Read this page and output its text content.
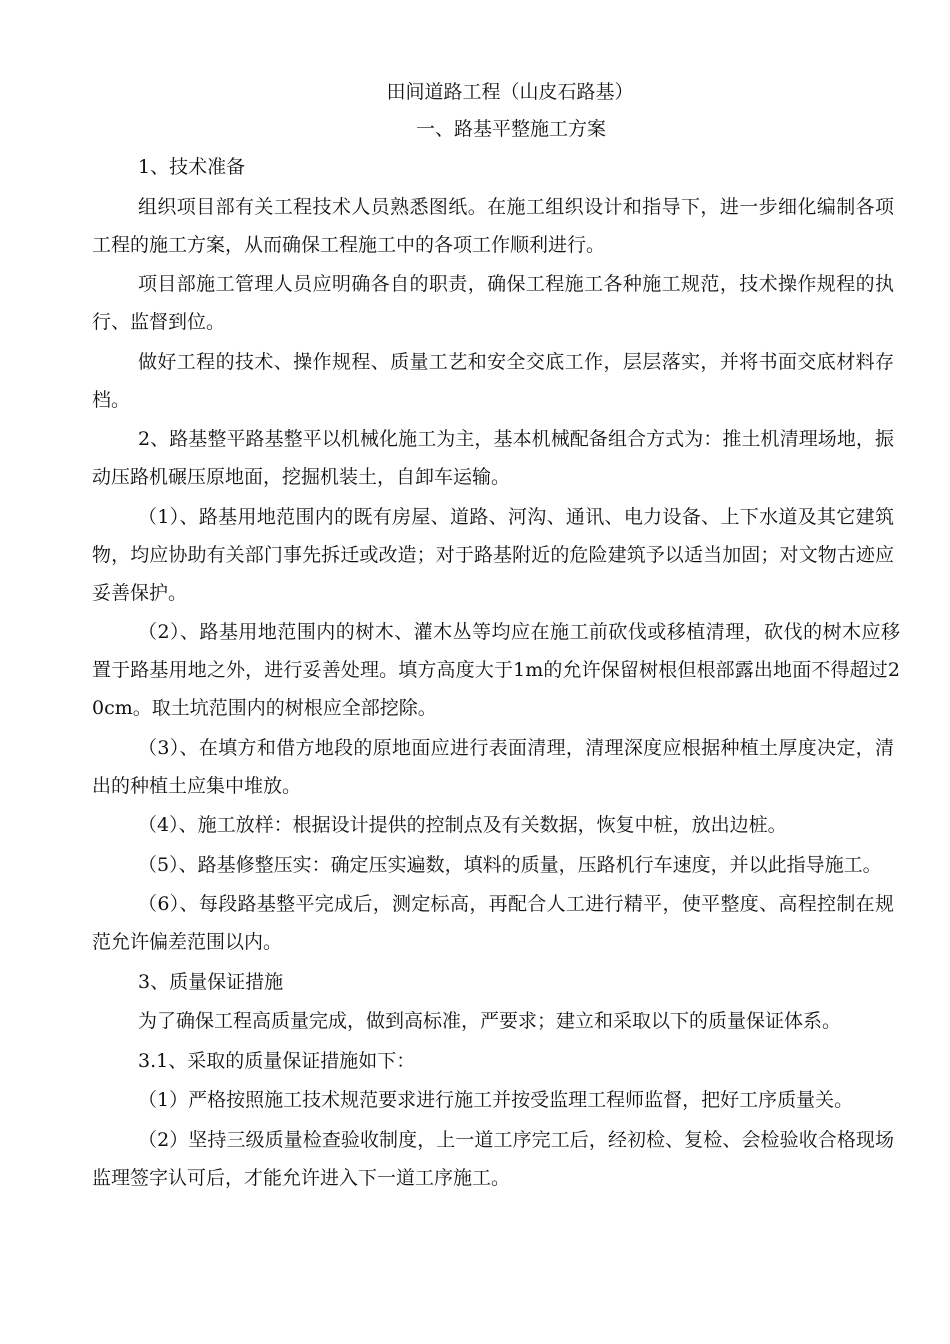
田间道路工程（山皮石路基）

一、路基平整施工方案

1、技术准备

组织项目部有关工程技术人员熟悉图纸。在施工组织设计和指导下，进一步细化编制各项工程的施工方案，从而确保工程施工中的各项工作顺利进行。

项目部施工管理人员应明确各自的职责，确保工程施工各种施工规范，技术操作规程的执行、监督到位。

做好工程的技术、操作规程、质量工艺和安全交底工作，层层落实，并将书面交底材料存档。

2、路基整平路基整平以机械化施工为主，基本机械配备组合方式为：推土机清理场地，振动压路机碾压原地面，挖掘机装土，自卸车运输。

（1）、路基用地范围内的既有房屋、道路、河沟、通讯、电力设备、上下水道及其它建筑物，均应协助有关部门事先拆迁或改造；对于路基附近的危险建筑予以适当加固；对文物古迹应妥善保护。

（2）、路基用地范围内的树木、灌木丛等均应在施工前砍伐或移植清理，砍伐的树木应移置于路基用地之外，进行妥善处理。填方高度大于1m的允许保留树根但根部露出地面不得超过20cm。取土坑范围内的树根应全部挖除。

（3）、在填方和借方地段的原地面应进行表面清理，清理深度应根据种植土厚度决定，清出的种植土应集中堆放。

（4）、施工放样：根据设计提供的控制点及有关数据，恢复中桩，放出边桩。

（5）、路基修整压实：确定压实遍数，填料的质量，压路机行车速度，并以此指导施工。

（6）、每段路基整平完成后，测定标高，再配合人工进行精平，使平整度、高程控制在规范允许偏差范围以内。

3、质量保证措施

为了确保工程高质量完成，做到高标准，严要求；建立和采取以下的质量保证体系。

3.1、采取的质量保证措施如下：

（1）严格按照施工技术规范要求进行施工并按受监理工程师监督，把好工序质量关。

（2）坚持三级质量检查验收制度，上一道工序完工后，经初检、复检、会检验收合格现场监理签字认可后，才能允许进入下一道工序施工。
